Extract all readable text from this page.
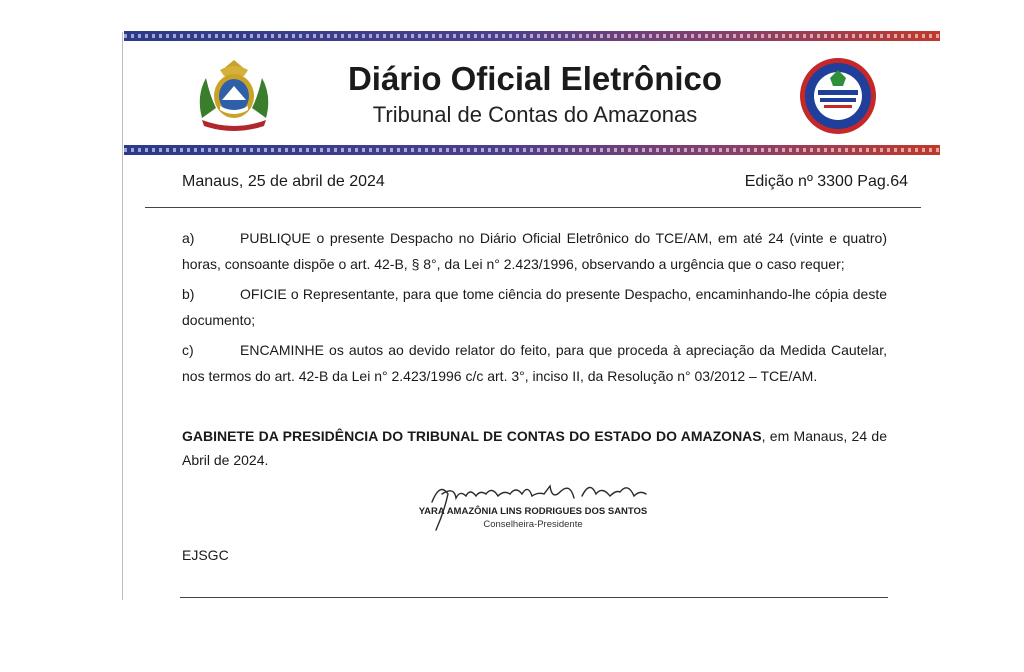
Diário Oficial Eletrônico
Tribunal de Contas do Amazonas
Manaus, 25 de abril de 2024	Edição nº 3300 Pag.64
a)	PUBLIQUE o presente Despacho no Diário Oficial Eletrônico do TCE/AM, em até 24 (vinte e quatro) horas, consoante dispõe o art. 42-B, § 8°, da Lei n° 2.423/1996, observando a urgência que o caso requer;
b)	OFICIE o Representante, para que tome ciência do presente Despacho, encaminhando-lhe cópia deste documento;
c)	ENCAMINHE os autos ao devido relator do feito, para que proceda à apreciação da Medida Cautelar, nos termos do art. 42-B da Lei n° 2.423/1996 c/c art. 3°, inciso II, da Resolução n° 03/2012 – TCE/AM.
GABINETE DA PRESIDÊNCIA DO TRIBUNAL DE CONTAS DO ESTADO DO AMAZONAS, em Manaus, 24 de Abril de 2024.
YARA AMAZÔNIA LINS RODRIGUES DOS SANTOS
Conselheira-Presidente
EJSGC
